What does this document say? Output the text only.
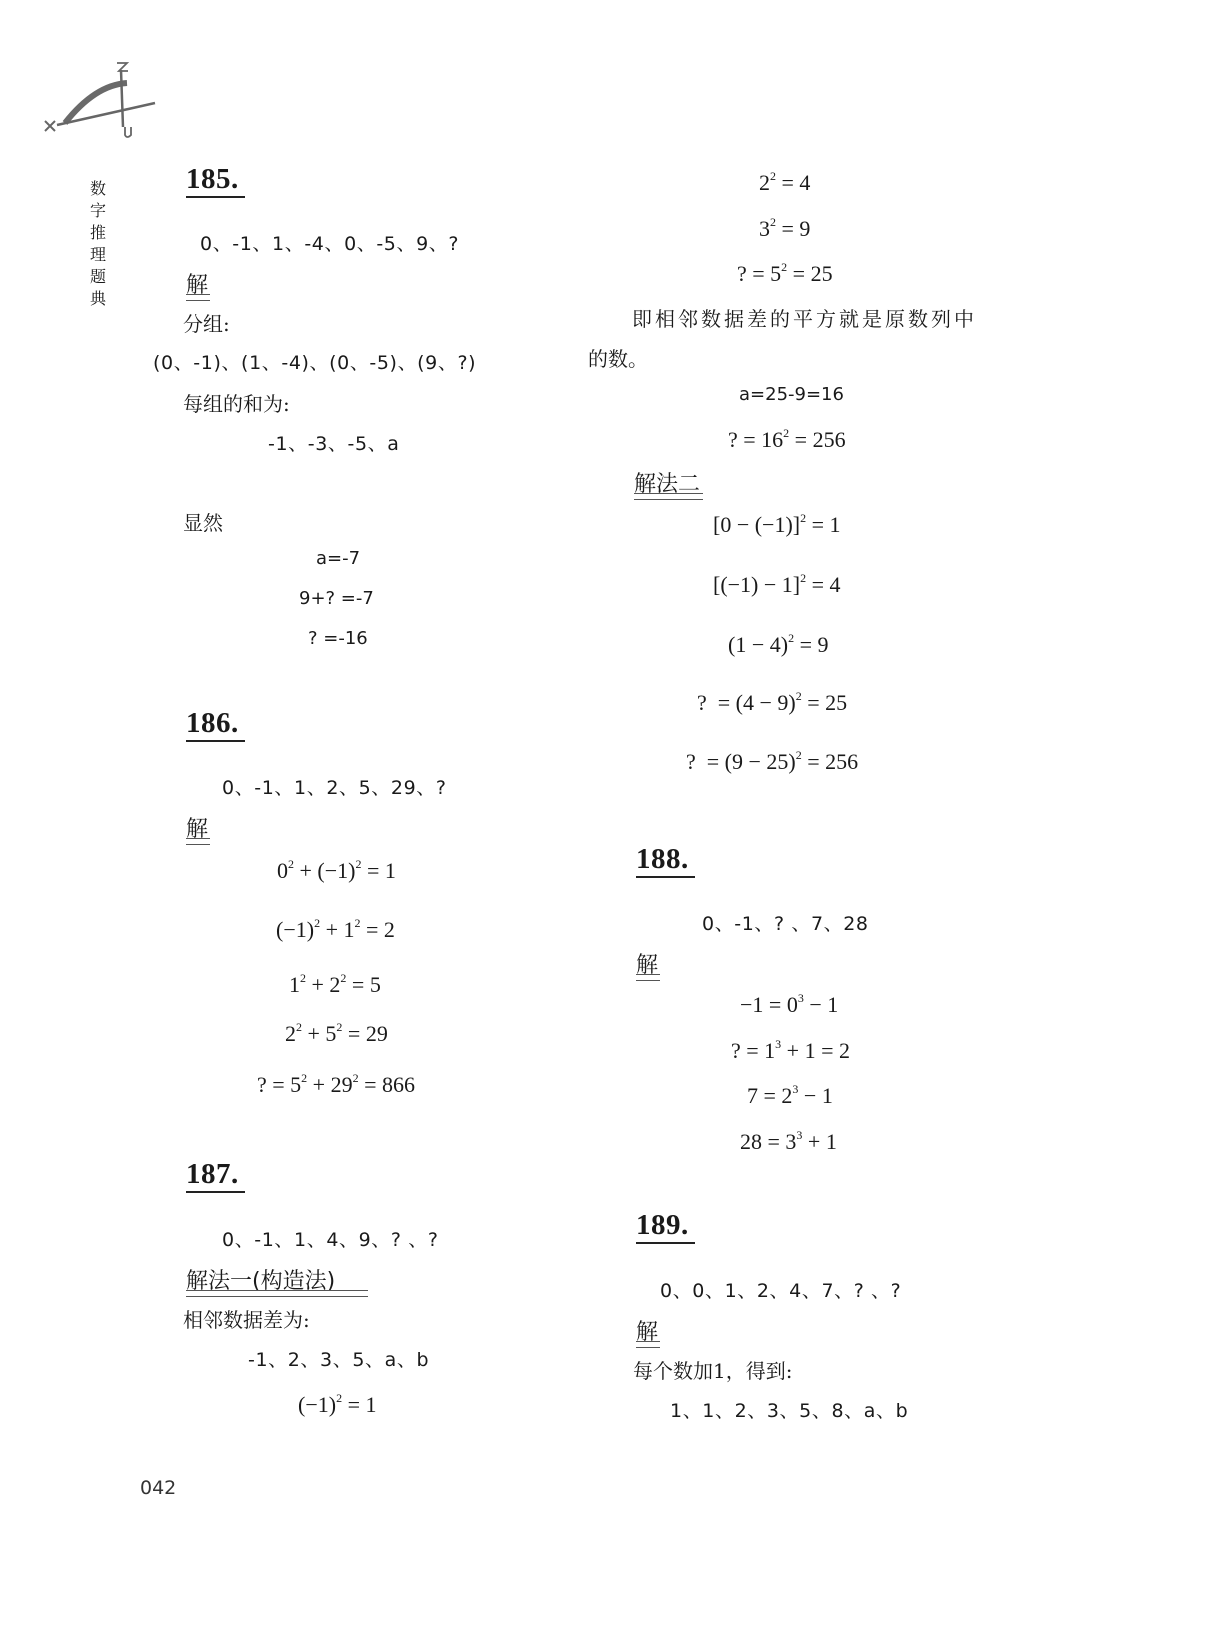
数
字
推
理
题
典
185.
0、-1、1、-4、0、-5、9、?
解
分组:
(0、-1)、(1、-4)、(0、-5)、(9、?)
每组的和为:
-1、-3、-5、a
显然
a=-7
9+? =-7
? =-16
186.
0、-1、1、2、5、29、?
解
$0^2 + (-1)^2 = 1$
$(-1)^2 + 1^2 = 2$
$1^2 + 2^2 = 5$
$2^2 + 5^2 = 29$
? = $5^2 + 29^2 = 866$
187.
0、-1、1、4、9、? 、?
解法一(构造法)
相邻数据差为:
-1、2、3、5、a、b
$(-1)^2 = 1$
$2^2 = 4$
$3^2 = 9$
? = $5^2 = 25$
即相邻数据差的平方就是原数列中
的数。
a=25-9=16
? = $16^2 = 256$
解法二
$[0 - (-1)]^2 = 1$
$[(-1) - 1]^2 = 4$
$(1 - 4)^2 = 9$
?  = $(4 - 9)^2 = 25$
?  = $(9 - 25)^2 = 256$
188.
0、-1、? 、7、28
解
$-1 = 0^3 - 1$
? = $1^3 + 1 = 2$
$7 = 2^3 - 1$
$28 = 3^3 + 1$
189.
0、0、1、2、4、7、? 、?
解
每个数加1，得到:
1、1、2、3、5、8、a、b
042
